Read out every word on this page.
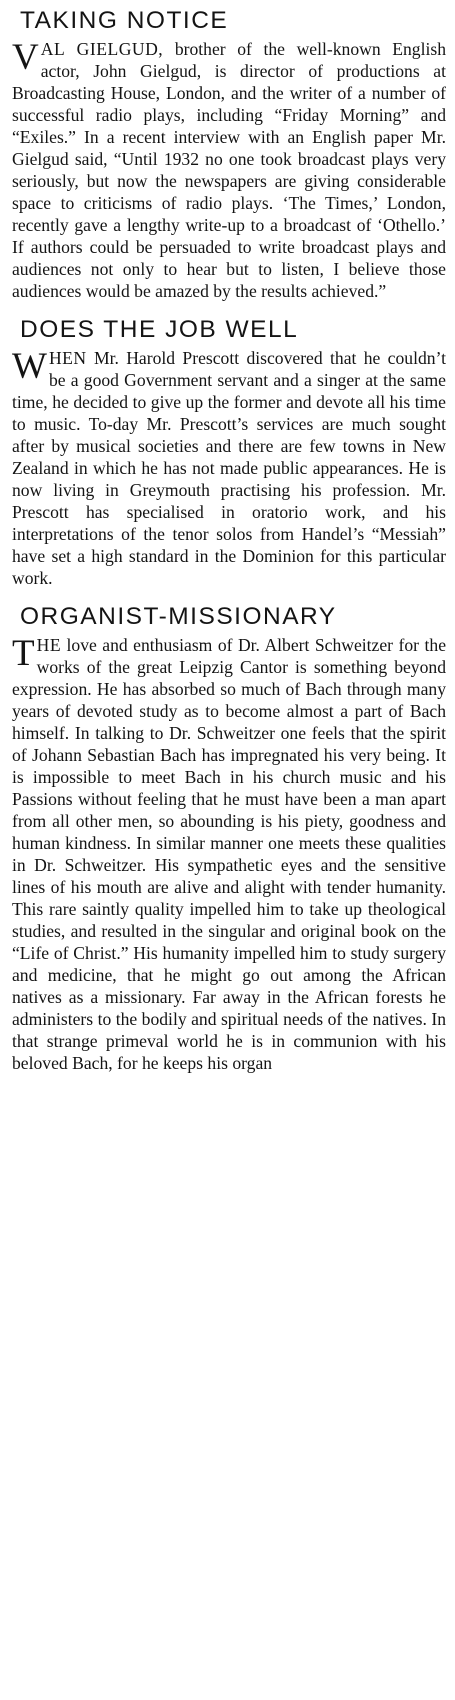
TAKING NOTICE

VAL GIELGUD, brother of the well-known English actor, John Gielgud, is director of productions at Broadcasting House, London, and the writer of a number of successful radio plays, including “Friday Morning” and “Exiles.” In a recent interview with an English paper Mr. Gielgud said, “Until 1932 no one took broadcast plays very seriously, but now the newspapers are giving considerable space to criticisms of radio plays. ‘The Times,’ London, recently gave a lengthy write-up to a broadcast of ‘Othello.’ If authors could be persuaded to write broadcast plays and audiences not only to hear but to listen, I believe those audiences would be amazed by the results achieved.”

DOES THE JOB WELL

WHEN Mr. Harold Prescott discovered that he couldn’t be a good Government servant and a singer at the same time, he decided to give up the former and devote all his time to music. To-day Mr. Prescott’s services are much sought after by musical societies and there are few towns in New Zealand in which he has not made public appearances. He is now living in Greymouth practising his profession. Mr. Prescott has specialised in oratorio work, and his interpretations of the tenor solos from Handel’s “Messiah” have set a high standard in the Dominion for this particular work.

ORGANIST-MISSIONARY

THE love and enthusiasm of Dr. Albert Schweitzer for the works of the great Leipzig Cantor is something beyond expression. He has absorbed so much of Bach through many years of devoted study as to become almost a part of Bach himself. In talking to Dr. Schweitzer one feels that the spirit of Johann Sebastian Bach has impregnated his very being. It is impossible to meet Bach in his church music and his Passions without feeling that he must have been a man apart from all other men, so abounding is his piety, goodness and human kindness. In similar manner one meets these qualities in Dr. Schweitzer. His sympathetic eyes and the sensitive lines of his mouth are alive and alight with tender humanity. This rare saintly quality impelled him to take up theological studies, and resulted in the singular and original book on the “Life of Christ.” His humanity impelled him to study surgery and medicine, that he might go out among the African natives as a missionary. Far away in the African forests he administers to the bodily and spiritual needs of the natives. In that strange primeval world he is in communion with his beloved Bach, for he keeps his organ
